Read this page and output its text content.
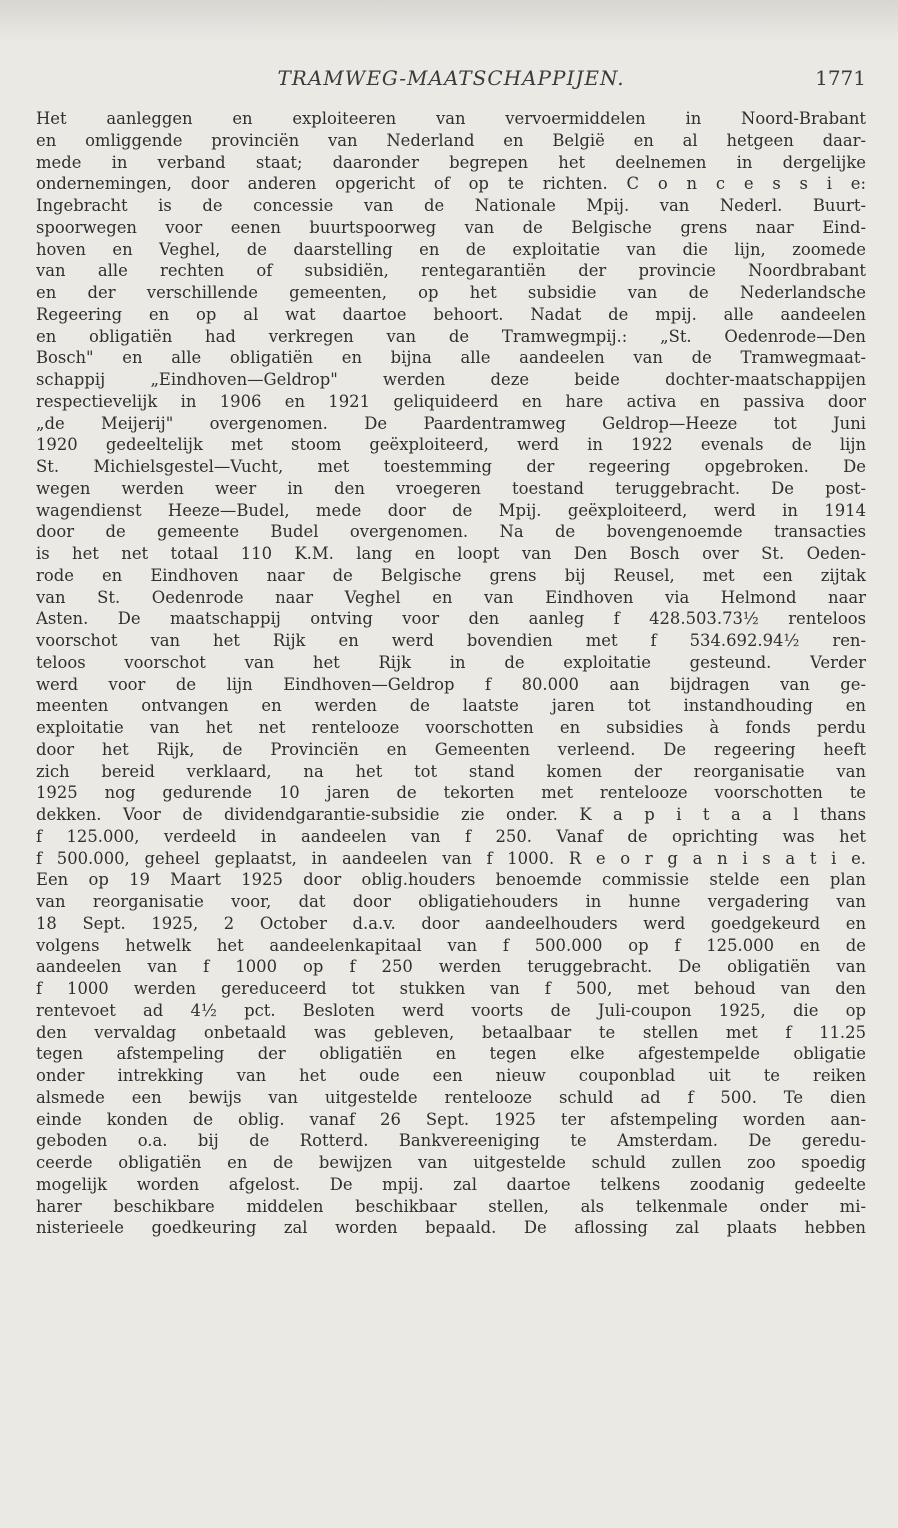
TRAMWEG-MAATSCHAPPIJEN.	1771
Het aanleggen en exploiteeren van vervoermiddelen in Noord-Brabant
en omliggende provinciën van Nederland en België en al hetgeen daar-
mede in verband staat; daaronder begrepen het deelnemen in dergelijke
ondernemingen, door anderen opgericht of op te richten. C o n c e s s i e:
Ingebracht is de concessie van de Nationale Mpij. van Nederl. Buurt-
spoorwegen voor eenen buurtspoorweg van de Belgische grens naar Eind-
hoven en Veghel, de daarstelling en de exploitatie van die lijn, zoomede
van alle rechten of subsidiën, rentegarantiën der provincie Noordbrabant
en der verschillende gemeenten, op het subsidie van de Nederlandsche
Regeering en op al wat daartoe behoort. Nadat de mpij. alle aandeelen
en obligatiën had verkregen van de Tramwegmpij.: „St. Oedenrode—Den
Bosch" en alle obligatiën en bijna alle aandeelen van de Tramwegmaat-
schappij „Eindhoven—Geldrop" werden deze beide dochter-maatschappijen
respectievelijk in 1906 en 1921 geliquideerd en hare activa en passiva door
„de Meijerij" overgenomen. De Paardentramweg Geldrop—Heeze tot Juni
1920 gedeeltelijk met stoom geëxploiteerd, werd in 1922 evenals de lijn
St. Michielsgestel—Vucht, met toestemming der regeering opgebroken. De
wegen werden weer in den vroegeren toestand teruggebracht. De post-
wagendienst Heeze—Budel, mede door de Mpij. geëxploiteerd, werd in 1914
door de gemeente Budel overgenomen. Na de bovengenoemde transacties
is het net totaal 110 K.M. lang en loopt van Den Bosch over St. Oeden-
rode en Eindhoven naar de Belgische grens bij Reusel, met een zijtak
van St. Oedenrode naar Veghel en van Eindhoven via Helmond naar
Asten. De maatschappij ontving voor den aanleg f 428.503.73½ renteloos
voorschot van het Rijk en werd bovendien met f 534.692.94½ ren-
teloos voorschot van het Rijk in de exploitatie gesteund. Verder
werd voor de lijn Eindhoven—Geldrop f 80.000 aan bijdragen van ge-
meenten ontvangen en werden de laatste jaren tot instandhouding en
exploitatie van het net rentelooze voorschotten en subsidies à fonds perdu
door het Rijk, de Provinciën en Gemeenten verleend. De regeering heeft
zich bereid verklaard, na het tot stand komen der reorganisatie van
1925 nog gedurende 10 jaren de tekorten met rentelooze voorschotten te
dekken. Voor de dividendgarantie-subsidie zie onder. K a p i t a a l thans
f 125.000, verdeeld in aandeelen van f 250. Vanaf de oprichting was het
f 500.000, geheel geplaatst, in aandeelen van f 1000. R e o r g a n i s a t i e.
Een op 19 Maart 1925 door oblig.houders benoemde commissie stelde een plan
van reorganisatie voor, dat door obligatiehouders in hunne vergadering van
18 Sept. 1925, 2 October d.a.v. door aandeelhouders werd goedgekeurd en
volgens hetwelk het aandeelenkapitaal van f 500.000 op f 125.000 en de
aandeelen van f 1000 op f 250 werden teruggebracht. De obligatiën van
f 1000 werden gereduceerd tot stukken van f 500, met behoud van den
rentevoet ad 4½ pct. Besloten werd voorts de Juli-coupon 1925, die op
den vervaldag onbetaald was gebleven, betaalbaar te stellen met f 11.25
tegen afstempeling der obligatiën en tegen elke afgestempelde obligatie
onder intrekking van het oude een nieuw couponblad uit te reiken
alsmede een bewijs van uitgestelde rentelooze schuld ad f 500. Te dien
einde konden de oblig. vanaf 26 Sept. 1925 ter afstempeling worden aan-
geboden o.a. bij de Rotterd. Bankvereeniging te Amsterdam. De geredu-
ceerde obligatiën en de bewijzen van uitgestelde schuld zullen zoo spoedig
mogelijk worden afgelost. De mpij. zal daartoe telkens zoodanig gedeelte
harer beschikbare middelen beschikbaar stellen, als telkenmale onder mi-
nisterieele goedkeuring zal worden bepaald. De aflossing zal plaats hebben
